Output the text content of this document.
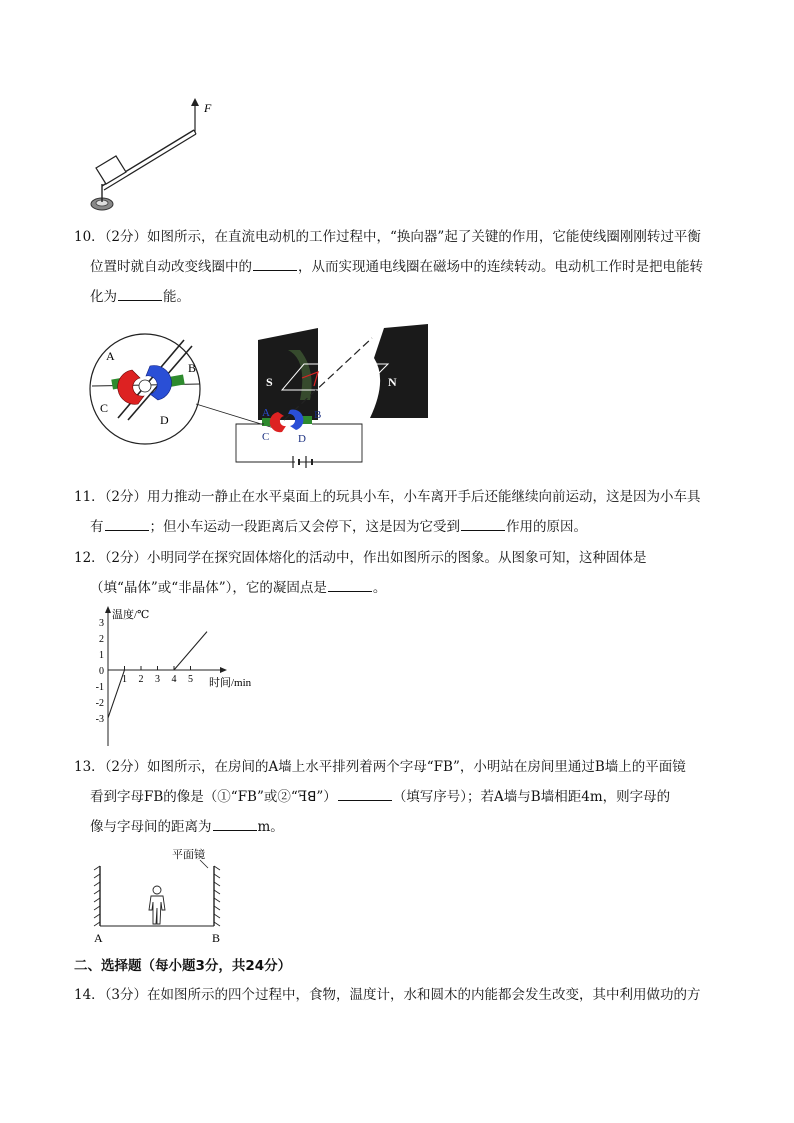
F
10．（2分）如图所示，在直流电动机的工作过程中，“换向器”起了关键的作用，它能使线圈刚刚转过平衡
位置时就自动改变线圈中的	，从而实现通电线圈在磁场中的连续转动。电动机工作时是把电能转
化为	能。
A
B
C
D
S	N
A	B
C	D
11．（2分）用力推动一静止在水平桌面上的玩具小车，小车离开手后还能继续向前运动，这是因为小车具
有	；但小车运动一段距离后又会停下，这是因为它受到	作用的原因。
12．（2分）小明同学在探究固体熔化的活动中，作出如图所示的图象。从图象可知，这种固体是
（填“晶体”或“非晶体”），它的凝固点是	。
温度/℃
时间/min
3
2
1
0
-1
-2
-3
1 2 3 4 5
13．（2分）如图所示，在房间的A墙上水平排列着两个字母“FB”，小明站在房间里通过B墙上的平面镜
看到字母FB的像是（①“FB”或②“ꟻꓭ”）	（填写序号）；若A墙与B墙相距4m，则字母的
像与字母间的距离为	m。
平面镜
A	B
二、选择题（每小题3分，共24分）
14．（3分）在如图所示的四个过程中，食物，温度计，水和圆木的内能都会发生改变，其中利用做功的方
